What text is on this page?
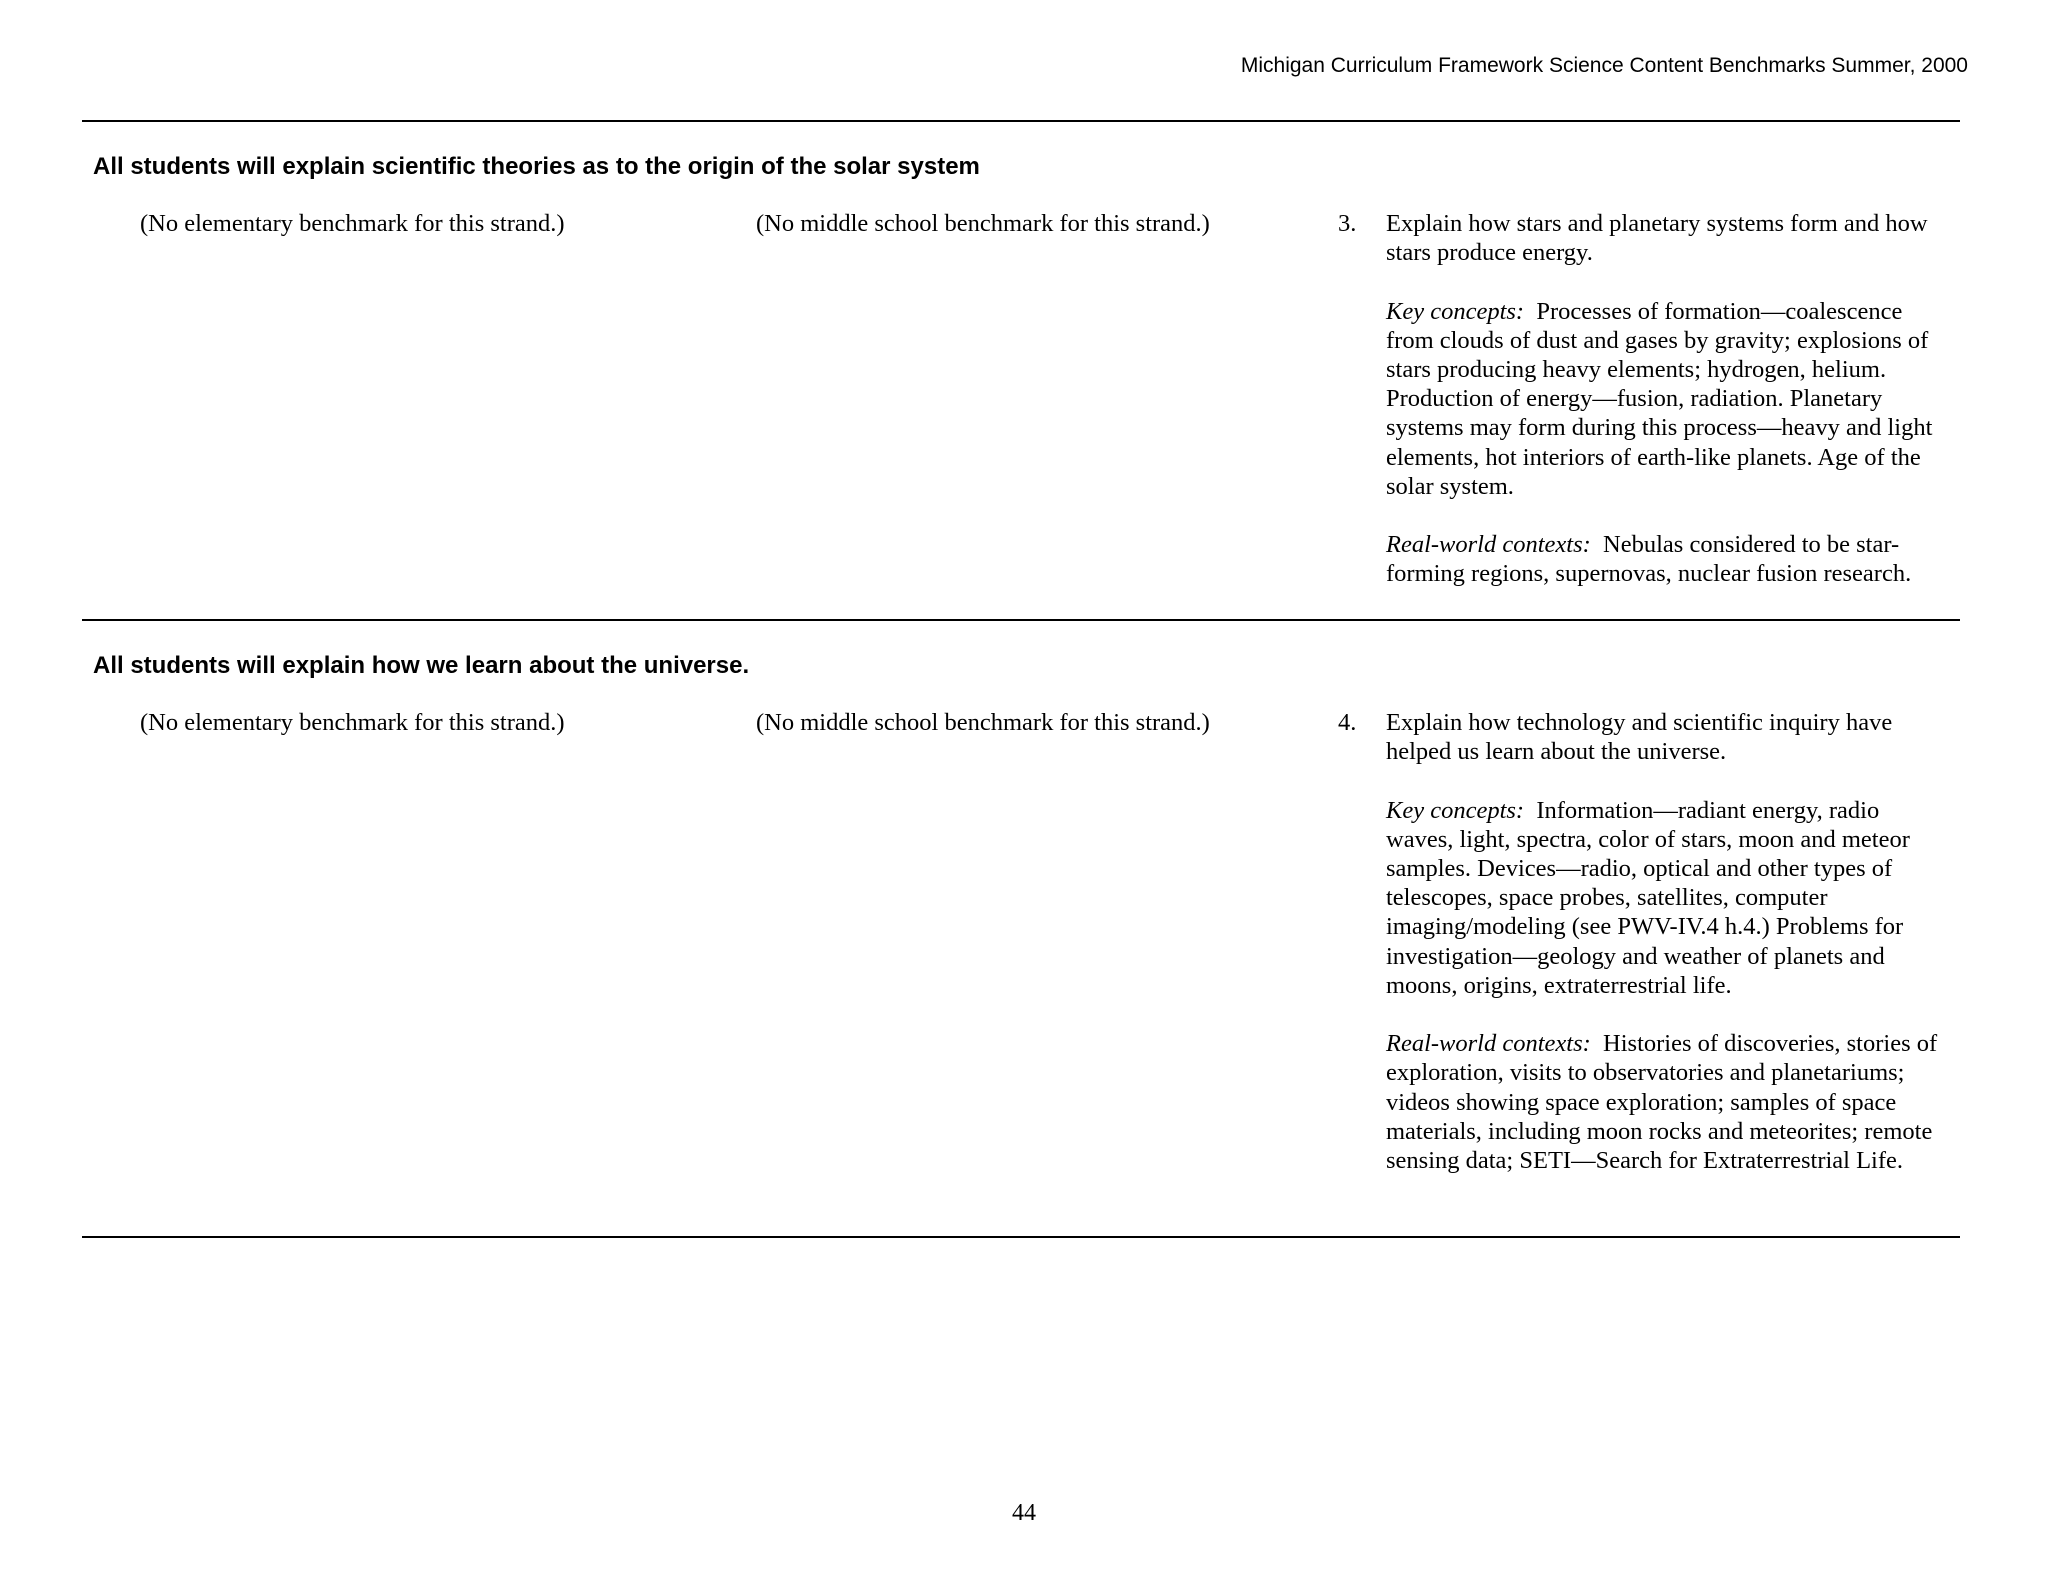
Michigan Curriculum Framework Science Content Benchmarks Summer, 2000
All students will explain scientific theories as to the origin of the solar system
(No elementary benchmark for this strand.)	(No middle school benchmark for this strand.)	3. Explain how stars and planetary systems form and how stars produce energy.

Key concepts: Processes of formation—coalescence from clouds of dust and gases by gravity; explosions of stars producing heavy elements; hydrogen, helium. Production of energy—fusion, radiation. Planetary systems may form during this process—heavy and light elements, hot interiors of earth-like planets. Age of the solar system.

Real-world contexts: Nebulas considered to be star-forming regions, supernovas, nuclear fusion research.

All students will explain how we learn about the universe.
(No elementary benchmark for this strand.)	(No middle school benchmark for this strand.)	4. Explain how technology and scientific inquiry have helped us learn about the universe.

Key concepts: Information—radiant energy, radio waves, light, spectra, color of stars, moon and meteor samples. Devices—radio, optical and other types of telescopes, space probes, satellites, computer imaging/modeling (see PWV-IV.4 h.4.) Problems for investigation—geology and weather of planets and moons, origins, extraterrestrial life.

Real-world contexts: Histories of discoveries, stories of exploration, visits to observatories and planetariums; videos showing space exploration; samples of space materials, including moon rocks and meteorites; remote sensing data; SETI—Search for Extraterrestrial Life.

44
